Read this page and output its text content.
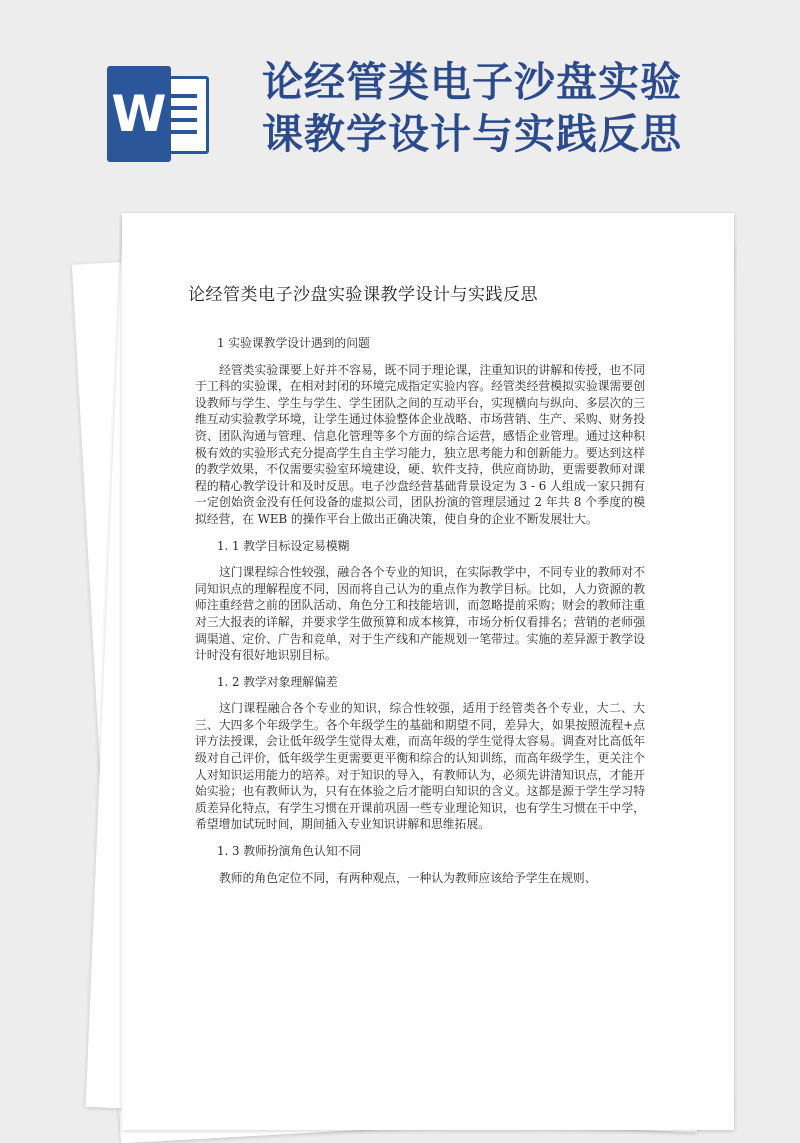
W
论经管类电子沙盘实验
课教学设计与实践反思
论经管类电子沙盘实验课教学设计与实践反思
1 实验课教学设计遇到的问题

经管类实验课要上好并不容易，既不同于理论课，注重知识的讲解和传授，也不同于工科的实验课，在相对封闭的环境完成指定实验内容。经管类经营模拟实验课需要创设教师与学生、学生与学生、学生团队之间的互动平台，实现横向与纵向、多层次的三维互动实验教学环境，让学生通过体验整体企业战略、市场营销、生产、采购、财务投资、团队沟通与管理、信息化管理等多个方面的综合运营，感悟企业管理。通过这种积极有效的实验形式充分提高学生自主学习能力，独立思考能力和创新能力。要达到这样的教学效果，不仅需要实验室环境建设，硬、软件支持，供应商协助，更需要教师对课程的精心教学设计和及时反思。电子沙盘经营基础背景设定为 3 - 6 人组成一家只拥有一定创始资金没有任何设备的虚拟公司，团队扮演的管理层通过 2 年共 8 个季度的模拟经营，在 WEB 的操作平台上做出正确决策，使自身的企业不断发展壮大。

1. 1 教学目标设定易模糊

这门课程综合性较强，融合各个专业的知识，在实际教学中，不同专业的教师对不同知识点的理解程度不同，因而将自己认为的重点作为教学目标。比如，人力资源的教师注重经营之前的团队活动、角色分工和技能培训，而忽略提前采购；财会的教师注重对三大报表的详解，并要求学生做预算和成本核算，市场分析仅看排名；营销的老师强调渠道、定价、广告和竞单，对于生产线和产能规划一笔带过。实施的差异源于教学设计时没有很好地识别目标。

1. 2 教学对象理解偏差

这门课程融合各个专业的知识，综合性较强，适用于经管类各个专业，大二、大三、大四多个年级学生。各个年级学生的基础和期望不同，差异大，如果按照流程+点评方法授课，会让低年级学生觉得太难，而高年级的学生觉得太容易。调查对比高低年级对自己评价，低年级学生更需要更平衡和综合的认知训练，而高年级学生，更关注个人对知识运用能力的培养。对于知识的导入，有教师认为，必须先讲清知识点，才能开始实验；也有教师认为，只有在体验之后才能明白知识的含义。这都是源于学生学习特质差异化特点，有学生习惯在开课前巩固一些专业理论知识，也有学生习惯在干中学，希望增加试玩时间，期间插入专业知识讲解和思维拓展。

1. 3 教师扮演角色认知不同

教师的角色定位不同，有两种观点，一种认为教师应该给予学生在规则、
